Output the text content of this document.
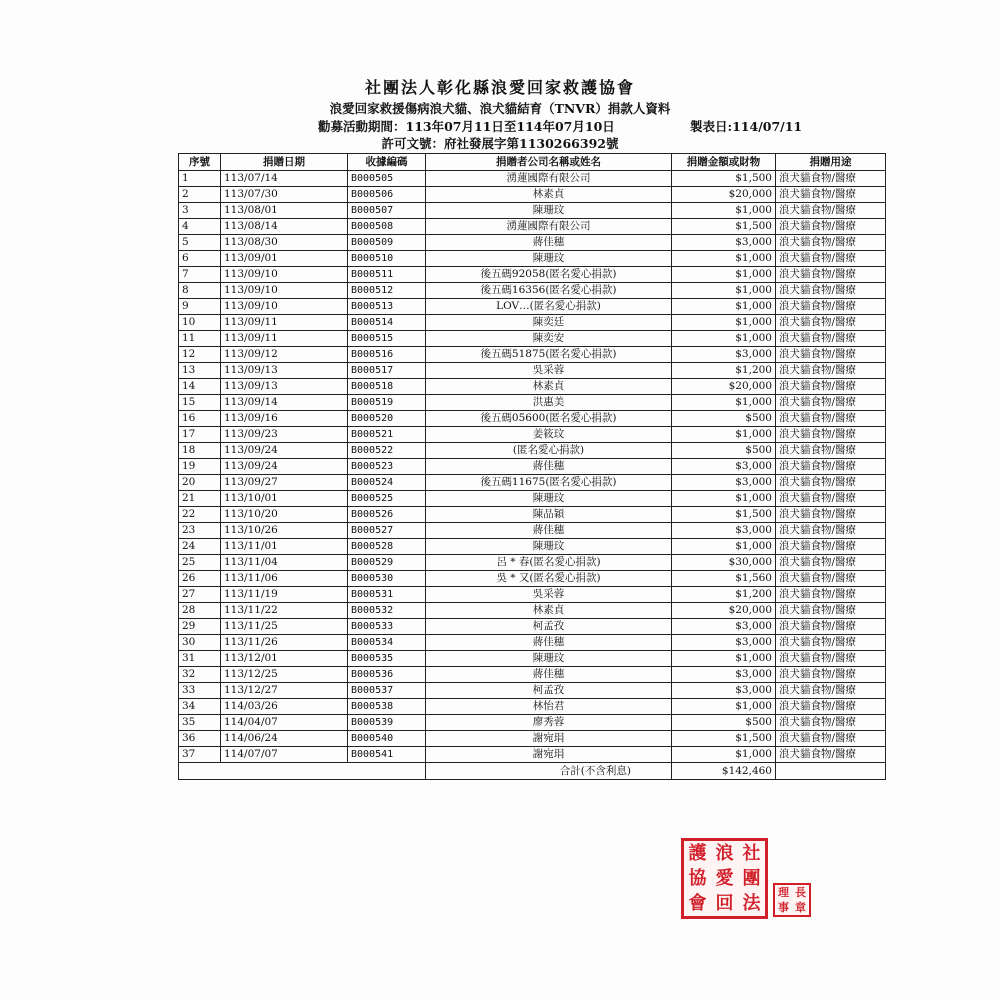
社團法人彰化縣浪愛回家救護協會
浪愛回家救援傷病浪犬貓、浪犬貓結育（TNVR）捐款人資料
勸募活動期間：113年07月11日至114年07月10日	製表日:114/07/11
許可文號：府社發展字第1130266392號
序號	捐贈日期	收據編碼	捐贈者公司名稱或姓名	捐贈金額或財物	捐贈用途
1	113/07/14	B000505	湧蓮國際有限公司	$1,500	浪犬貓食物/醫療
2	113/07/30	B000506	林素貞	$20,000	浪犬貓食物/醫療
3	113/08/01	B000507	陳珊玟	$1,000	浪犬貓食物/醫療
4	113/08/14	B000508	湧蓮國際有限公司	$1,500	浪犬貓食物/醫療
5	113/08/30	B000509	蔣佳穗	$3,000	浪犬貓食物/醫療
6	113/09/01	B000510	陳珊玟	$1,000	浪犬貓食物/醫療
7	113/09/10	B000511	後五碼92058(匿名愛心捐款)	$1,000	浪犬貓食物/醫療
8	113/09/10	B000512	後五碼16356(匿名愛心捐款)	$1,000	浪犬貓食物/醫療
9	113/09/10	B000513	LOV…(匿名愛心捐款)	$1,000	浪犬貓食物/醫療
10	113/09/11	B000514	陳奕廷	$1,000	浪犬貓食物/醫療
11	113/09/11	B000515	陳奕安	$1,000	浪犬貓食物/醫療
12	113/09/12	B000516	後五碼51875(匿名愛心捐款)	$3,000	浪犬貓食物/醫療
13	113/09/13	B000517	吳采蓉	$1,200	浪犬貓食物/醫療
14	113/09/13	B000518	林素貞	$20,000	浪犬貓食物/醫療
15	113/09/14	B000519	洪惠美	$1,000	浪犬貓食物/醫療
16	113/09/16	B000520	後五碼05600(匿名愛心捐款)	$500	浪犬貓食物/醫療
17	113/09/23	B000521	姜筱玟	$1,000	浪犬貓食物/醫療
18	113/09/24	B000522	(匿名愛心捐款)	$500	浪犬貓食物/醫療
19	113/09/24	B000523	蔣佳穗	$3,000	浪犬貓食物/醫療
20	113/09/27	B000524	後五碼11675(匿名愛心捐款)	$3,000	浪犬貓食物/醫療
21	113/10/01	B000525	陳珊玟	$1,000	浪犬貓食物/醫療
22	113/10/20	B000526	陳品穎	$1,500	浪犬貓食物/醫療
23	113/10/26	B000527	蔣佳穗	$3,000	浪犬貓食物/醫療
24	113/11/01	B000528	陳珊玟	$1,000	浪犬貓食物/醫療
25	113/11/04	B000529	呂 * 春(匿名愛心捐款)	$30,000	浪犬貓食物/醫療
26	113/11/06	B000530	吳 * 又(匿名愛心捐款)	$1,560	浪犬貓食物/醫療
27	113/11/19	B000531	吳采蓉	$1,200	浪犬貓食物/醫療
28	113/11/22	B000532	林素貞	$20,000	浪犬貓食物/醫療
29	113/11/25	B000533	柯孟孜	$3,000	浪犬貓食物/醫療
30	113/11/26	B000534	蔣佳穗	$3,000	浪犬貓食物/醫療
31	113/12/01	B000535	陳珊玟	$1,000	浪犬貓食物/醫療
32	113/12/25	B000536	蔣佳穗	$3,000	浪犬貓食物/醫療
33	113/12/27	B000537	柯孟孜	$3,000	浪犬貓食物/醫療
34	114/03/26	B000538	林怡君	$1,000	浪犬貓食物/醫療
35	114/04/07	B000539	廖秀蓉	$500	浪犬貓食物/醫療
36	114/06/24	B000540	謝宛琄	$1,500	浪犬貓食物/醫療
37	114/07/07	B000541	謝宛琄	$1,000	浪犬貓食物/醫療
			合計(不含利息)	$142,460	
護 浪 社
協 愛 團
會 回 法
理 長
事 章
